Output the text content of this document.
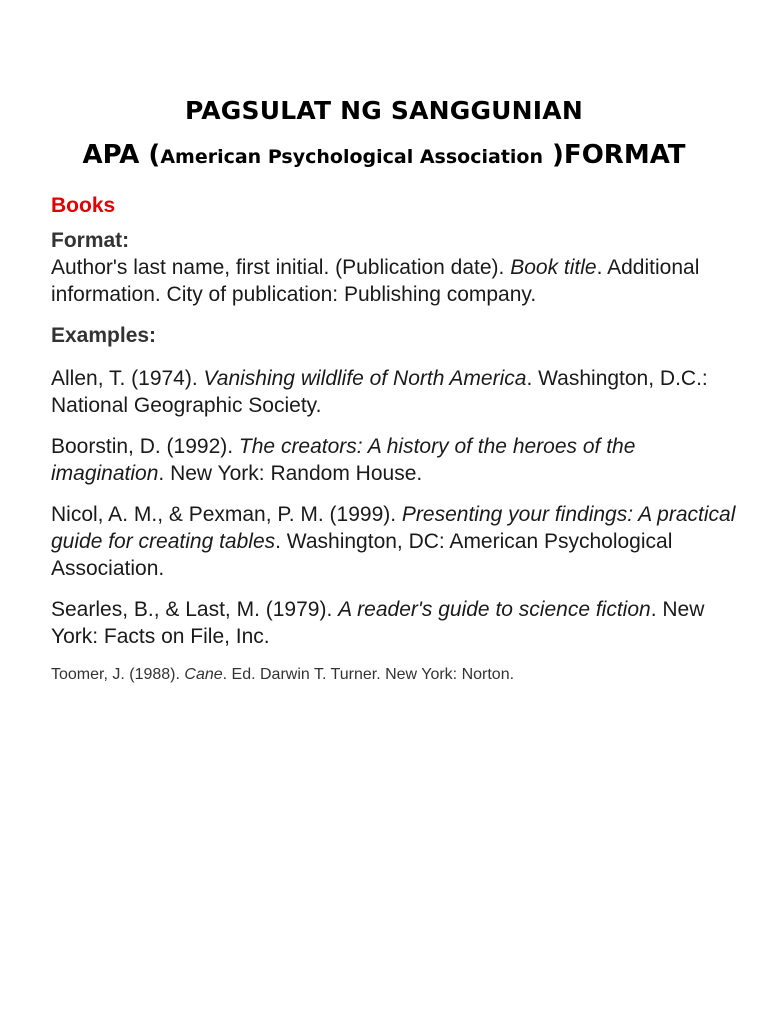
PAGSULAT NG SANGGUNIAN
APA (American Psychological Association )FORMAT
Books
Format:
Author's last name, first initial. (Publication date). Book title. Additional information. City of publication: Publishing company.
Examples:
Allen, T. (1974). Vanishing wildlife of North America. Washington, D.C.: National Geographic Society.
Boorstin, D. (1992). The creators: A history of the heroes of the imagination. New York: Random House.
Nicol, A. M., & Pexman, P. M. (1999). Presenting your findings: A practical guide for creating tables. Washington, DC: American Psychological Association.
Searles, B., & Last, M. (1979). A reader's guide to science fiction. New York: Facts on File, Inc.
Toomer, J. (1988). Cane. Ed. Darwin T. Turner. New York: Norton.
